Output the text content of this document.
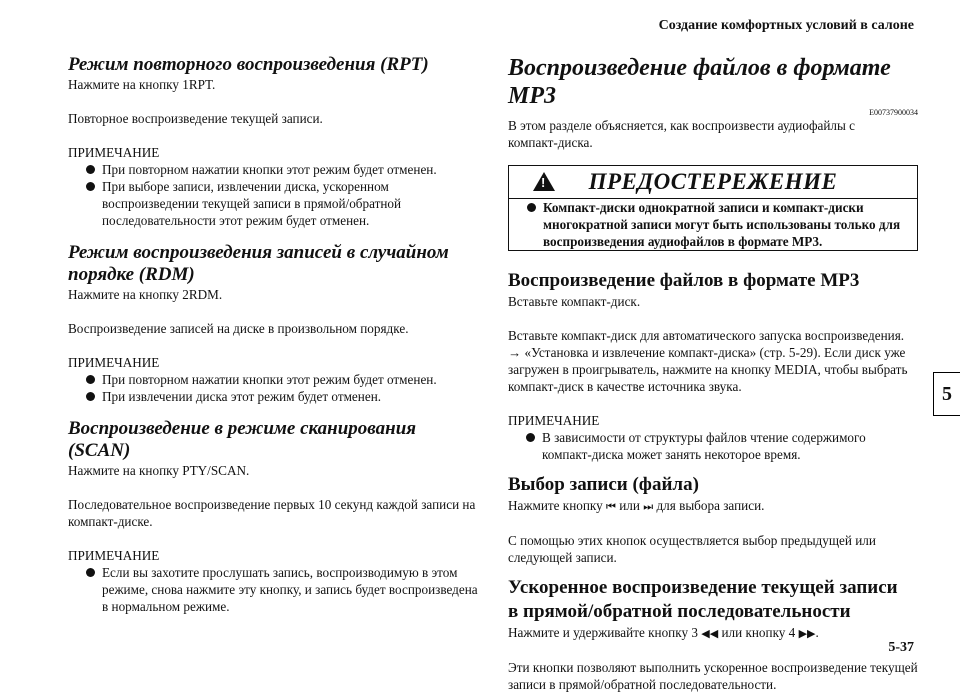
Создание комфортных условий в салоне
5
5-37
Режим повторного воспроизведения (RPT)

Нажмите на кнопку 1RPT.

Повторное воспроизведение текущей записи.

ПРИМЕЧАНИЕ

При повторном нажатии кнопки этот режим будет отменен.
При выборе записи, извлечении диска, ускоренном воспроизведении текущей записи в прямой/обратной последовательности этот режим будет отменен.
Режим воспроизведения записей в случайном порядке (RDM)

Нажмите на кнопку 2RDM.

Воспроизведение записей на диске в произвольном порядке.

ПРИМЕЧАНИЕ

При повторном нажатии кнопки этот режим будет отменен.
При извлечении диска этот режим будет отменен.
Воспроизведение в режиме сканирования (SCAN)

Нажмите на кнопку PTY/SCAN.

Последовательное воспроизведение первых 10 секунд каждой записи на компакт-диске.

ПРИМЕЧАНИЕ

Если вы захотите прослушать запись, воспроизводимую в этом режиме, снова нажмите эту кнопку, и запись будет воспроизведена в нормальном режиме.
Воспроизведение файлов в формате MP3
E00737900034

В этом разделе объясняется, как воспроизвести аудиофайлы с компакт-диска.

!
ПРЕДОСТЕРЕЖЕНИЕ
Компакт-диски однократной записи и компакт-диски многократной записи могут быть использованы только для воспроизведения аудиофайлов в формате MP3.
Воспроизведение файлов в формате MP3

Вставьте компакт-диск.

Вставьте компакт-диск для автоматического запуска воспроизведения. → «Установка и извлечение компакт-диска» (стр. 5-29). Если диск уже загружен в проигрыватель, нажмите на кнопку MEDIA, чтобы выбрать компакт-диск в качестве источника звука.

ПРИМЕЧАНИЕ

В зависимости от структуры файлов чтение содержимого компакт-диска может занять некоторое время.
Выбор записи (файла)

Нажмите кнопку ⏮ или ⏭ для выбора записи.

С помощью этих кнопок осуществляется выбор предыдущей или следующей записи.

Ускоренное воспроизведение текущей записи
в прямой/обратной последовательности

Нажмите и удерживайте кнопку 3 ◀◀ или кнопку 4 ▶▶.

Эти кнопки позволяют выполнить ускоренное воспроизведение текущей записи в прямой/обратной последовательности.
